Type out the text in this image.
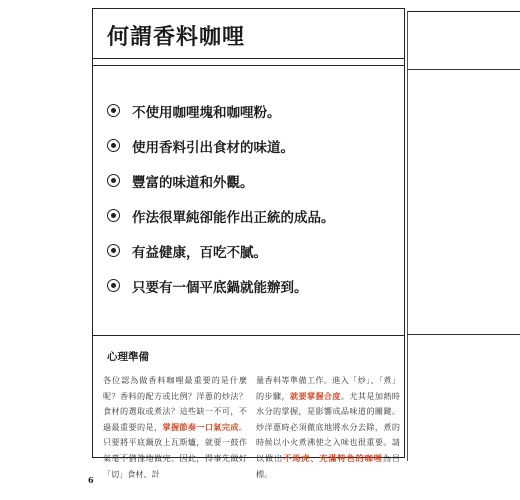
何謂香料咖哩
不使用咖哩塊和咖哩粉。
使用香料引出食材的味道。
豐富的味道和外觀。
作法很單純卻能作出正統的成品。
有益健康，百吃不膩。
只要有一個平底鍋就能辦到。
心理準備
各位認為做香料咖哩最重要的是什麼呢？香料的配方或比例？洋蔥的炒法？食材的選取或煮法？這些缺一不可，不過最重要的是，掌握節奏一口氣完成。只要將平底鍋放上瓦斯爐，就要一鼓作氣毫不猶豫地做完。因此，得事先做好「切」食材、計
量香料等準備工作。進入「炒」、「煮」的步驟，就要掌握合度。尤其是加熱時水分的掌握，是影響成品味道的關鍵。炒洋蔥時必須徹底地將水分去除，煮的時候以小火煮沸使之入味也很重要。請以做出不馬虎、充滿特色的咖哩為目標。
6
